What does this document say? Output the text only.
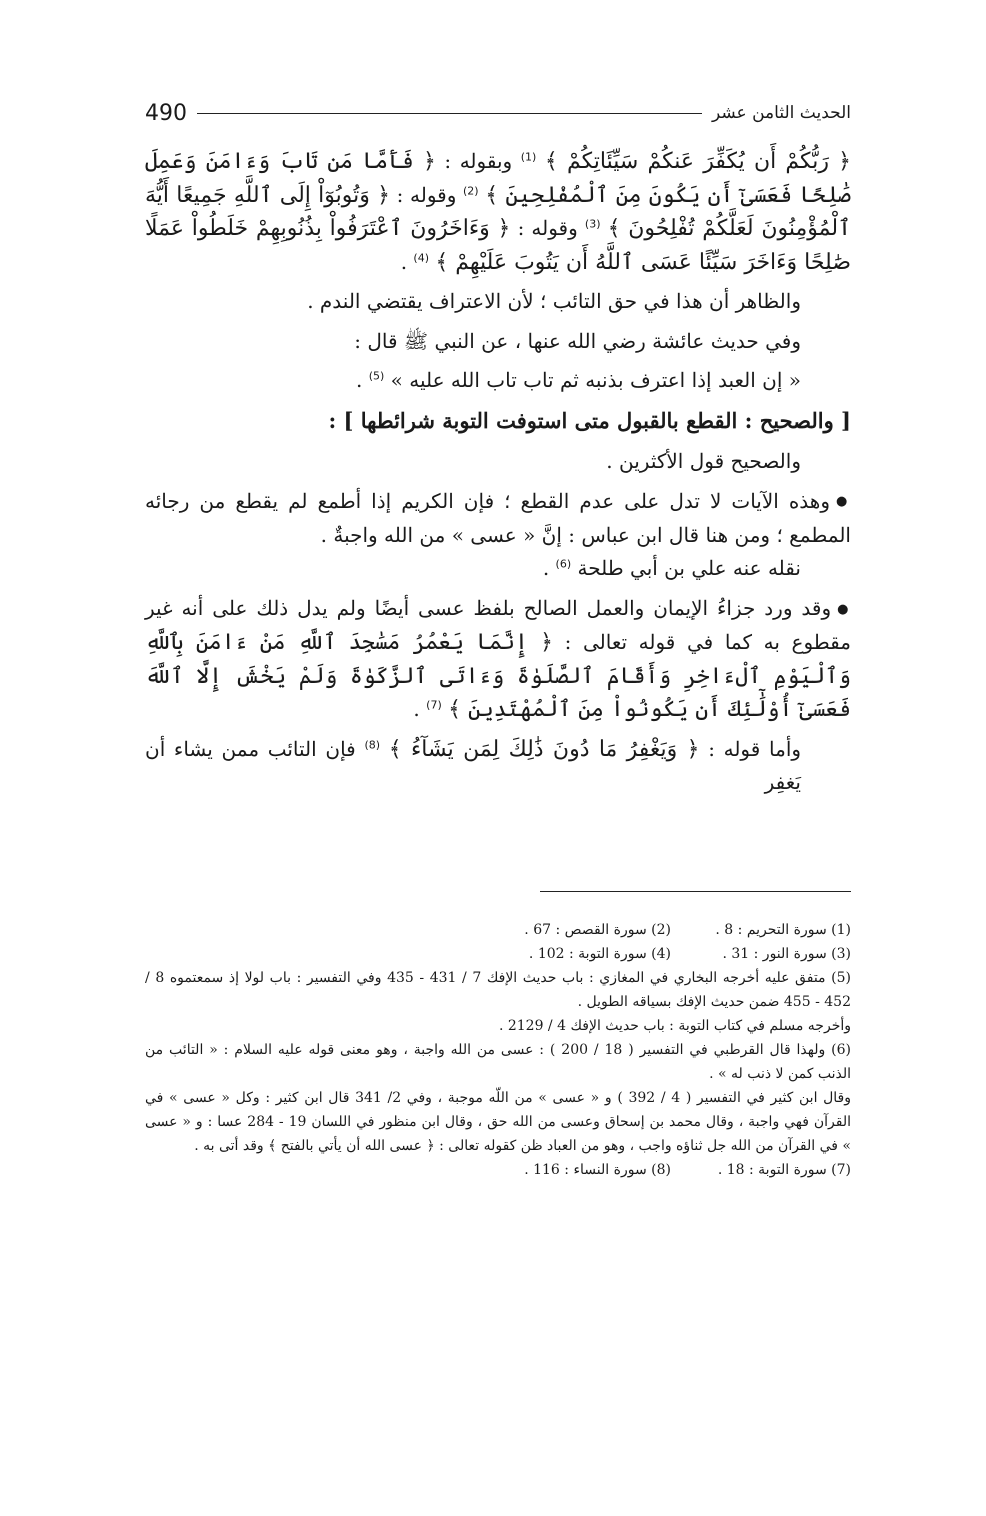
الحديث الثامن عشر
490

﴿ رَبُّكُمْ أَن يُكَفِّرَ عَنكُمْ سَيِّئَاتِكُمْ ﴾ $^{(1)}$ وبقوله : ﴿ فَأَمَّا مَن تَابَ وَءَامَنَ وَعَمِلَ صَٰلِحًا فَعَسَىٰٓ أَن يَكُونَ مِنَ ٱلْمُفْلِحِينَ ﴾ $^{(2)}$ وقوله : ﴿ وَتُوبُوٓاْ إِلَى ٱللَّهِ جَمِيعًا أَيُّهَ ٱلْمُؤْمِنُونَ لَعَلَّكُمْ تُفْلِحُونَ ﴾ $^{(3)}$ وقوله : ﴿ وَءَاخَرُونَ ٱعْتَرَفُواْ بِذُنُوبِهِمْ خَلَطُواْ عَمَلًا صَٰلِحًا وَءَاخَرَ سَيِّئًا عَسَى ٱللَّهُ أَن يَتُوبَ عَلَيْهِمْ ﴾ $^{(4)}$ .

والظاهر أن هذا في حق التائب ؛ لأن الاعتراف يقتضي الندم .

وفي حديث عائشة رضي الله عنها ، عن النبي ﷺ قال :

« إن العبد إذا اعترف بذنبه ثم تاب تاب الله عليه » $^{(5)}$ .

[ والصحيح : القطع بالقبول متى استوفت التوبة شرائطها ] :

والصحيح قول الأكثرين .

● وهذه الآيات لا تدل على عدم القطع ؛ فإن الكريم إذا أطمع لم يقطع من رجائه المطمع ؛ ومن هنا قال ابن عباس : إنَّ « عسى » من الله واجبةٌ .

نقله عنه علي بن أبي طلحة $^{(6)}$ .

● وقد ورد جزاءُ الإيمان والعمل الصالح بلفظ عسى أيضًا ولم يدل ذلك على أنه غير مقطوع به كما في قوله تعالى : ﴿ إِنَّمَا يَعْمُرُ مَسَٰجِدَ ٱللَّهِ مَنْ ءَامَنَ بِٱللَّهِ وَٱلْيَوْمِ ٱلْءَاخِرِ وَأَقَامَ ٱلصَّلَوٰةَ وَءَاتَى ٱلزَّكَوٰةَ وَلَمْ يَخْشَ إِلَّا ٱللَّهَ فَعَسَىٰٓ أُوْلَٰٓئِكَ أَن يَكُونُواْ مِنَ ٱلْمُهْتَدِينَ ﴾ $^{(7)}$ .

وأما قوله : ﴿ وَيَغْفِرُ مَا دُونَ ذَٰلِكَ لِمَن يَشَآءُ ﴾ $^{(8)}$ فإن التائب ممن يشاء أن يَغفِر

(1) سورة التحريم : 8 .
(2) سورة القصص : 67 .

(3) سورة النور : 31 .
(4) سورة التوبة : 102 .

(5) متفق عليه أخرجه البخاري في المغازي : باب حديث الإفك 7 / 431 - 435 وفي التفسير : باب لولا إذ سمعتموه 8 / 452 - 455 ضمن حديث الإفك بسياقه الطويل .

وأخرجه مسلم في كتاب التوبة : باب حديث الإفك 4 / 2129 .

(6) ولهذا قال القرطبي في التفسير ( 18 / 200 ) : عسى من الله واجبة ، وهو معنى قوله عليه السلام : « التائب من الذنب كمن لا ذنب له » .

وقال ابن كثير في التفسير ( 4 / 392 ) و « عسى » من اللّه موجبة ، وفي 2/ 341 قال ابن كثير : وكل « عسى » في القرآن فهي واجبة ، وقال محمد بن إسحاق وعسى من الله حق ، وقال ابن منظور في اللسان 19 - 284 عسا : و « عسى » في القرآن من الله جل ثناؤه واجب ، وهو من العباد ظن كقوله تعالى : ﴿ عسى الله أن يأتي بالفتح ﴾ وقد أتى به .

(7) سورة التوبة : 18 .
(8) سورة النساء : 116 .
